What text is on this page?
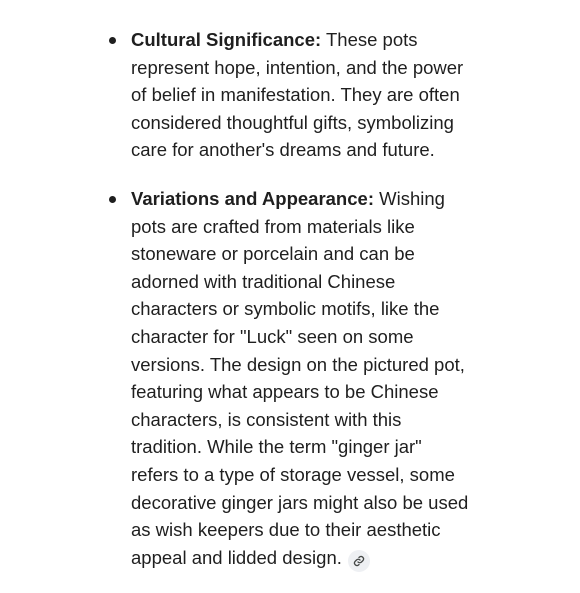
Cultural Significance: These pots represent hope, intention, and the power of belief in manifestation. They are often considered thoughtful gifts, symbolizing care for another's dreams and future.
Variations and Appearance: Wishing pots are crafted from materials like stoneware or porcelain and can be adorned with traditional Chinese characters or symbolic motifs, like the character for "Luck" seen on some versions. The design on the pictured pot, featuring what appears to be Chinese characters, is consistent with this tradition. While the term "ginger jar" refers to a type of storage vessel, some decorative ginger jars might also be used as wish keepers due to their aesthetic appeal and lidded design.
